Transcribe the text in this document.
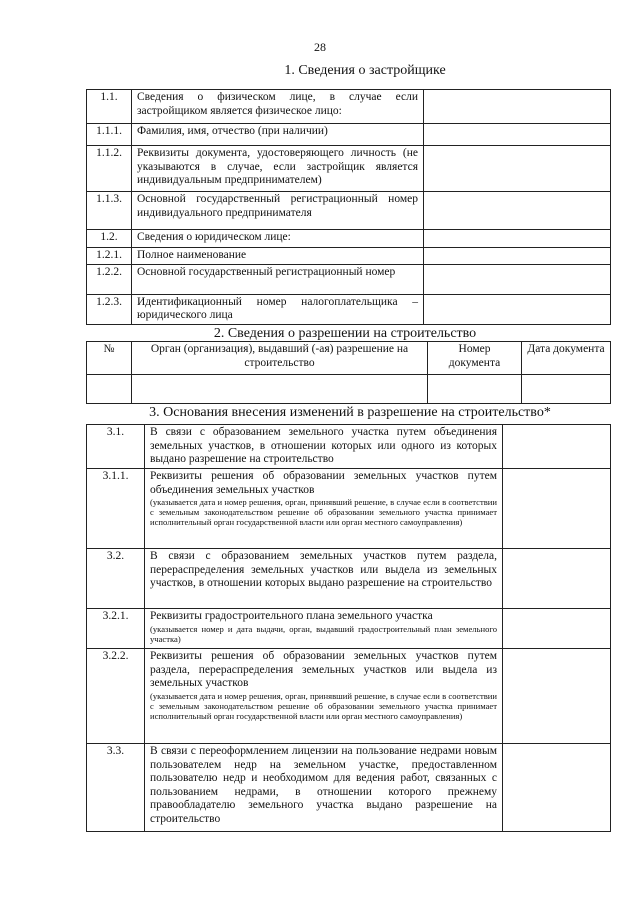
28
1. Сведения о застройщике
1.1.	Сведения о физическом лице, в случае если застройщиком является физическое лицо:	
1.1.1.	Фамилия, имя, отчество (при наличии)	
1.1.2.	Реквизиты документа, удостоверяющего личность (не указываются в случае, если застройщик является индивидуальным предпринимателем)	
1.1.3.	Основной государственный регистрационный номер индивидуального предпринимателя	
1.2.	Сведения о юридическом лице:	
1.2.1.	Полное наименование	
1.2.2.	Основной государственный регистрационный номер	
1.2.3.	Идентификационный номер налогоплательщика – юридического лица	
2. Сведения о разрешении на строительство
№	Орган (организация), выдавший (-ая) разрешение на строительство	Номер документа	Дата документа

3. Основания внесения изменений в разрешение на строительство*
3.1.	В связи с образованием земельного участка путем объединения земельных участков, в отношении которых или одного из которых выдано разрешение на строительство	

3.1.1.	Реквизиты решения об образовании земельных участков путем объединения земельных участков
(указывается дата и номер решения, орган, принявший решение, в случае если в соответствии с земельным законодательством решение об образовании земельного участка принимает исполнительный орган государственной власти или орган местного самоуправления)	

3.2.	В связи с образованием земельных участков путем раздела, перераспределения земельных участков или выдела из земельных участков, в отношении которых выдано разрешение на строительство	

3.2.1.	Реквизиты градостроительного плана земельного участка
(указывается номер и дата выдачи, орган, выдавший градостроительный план земельного участка)	

3.2.2.	Реквизиты решения об образовании земельных участков путем раздела, перераспределения земельных участков или выдела из земельных участков
(указывается дата и номер решения, орган, принявший решение, в случае если в соответствии с земельным законодательством решение об образовании земельного участка принимает исполнительный орган государственной власти или орган местного самоуправления)	

3.3.	В связи с переоформлением лицензии на пользование недрами новым пользователем недр на земельном участке, предоставленном пользователю недр и необходимом для ведения работ, связанных с пользованием недрами, в отношении которого прежнему правообладателю земельного участка выдано разрешение на строительство	
